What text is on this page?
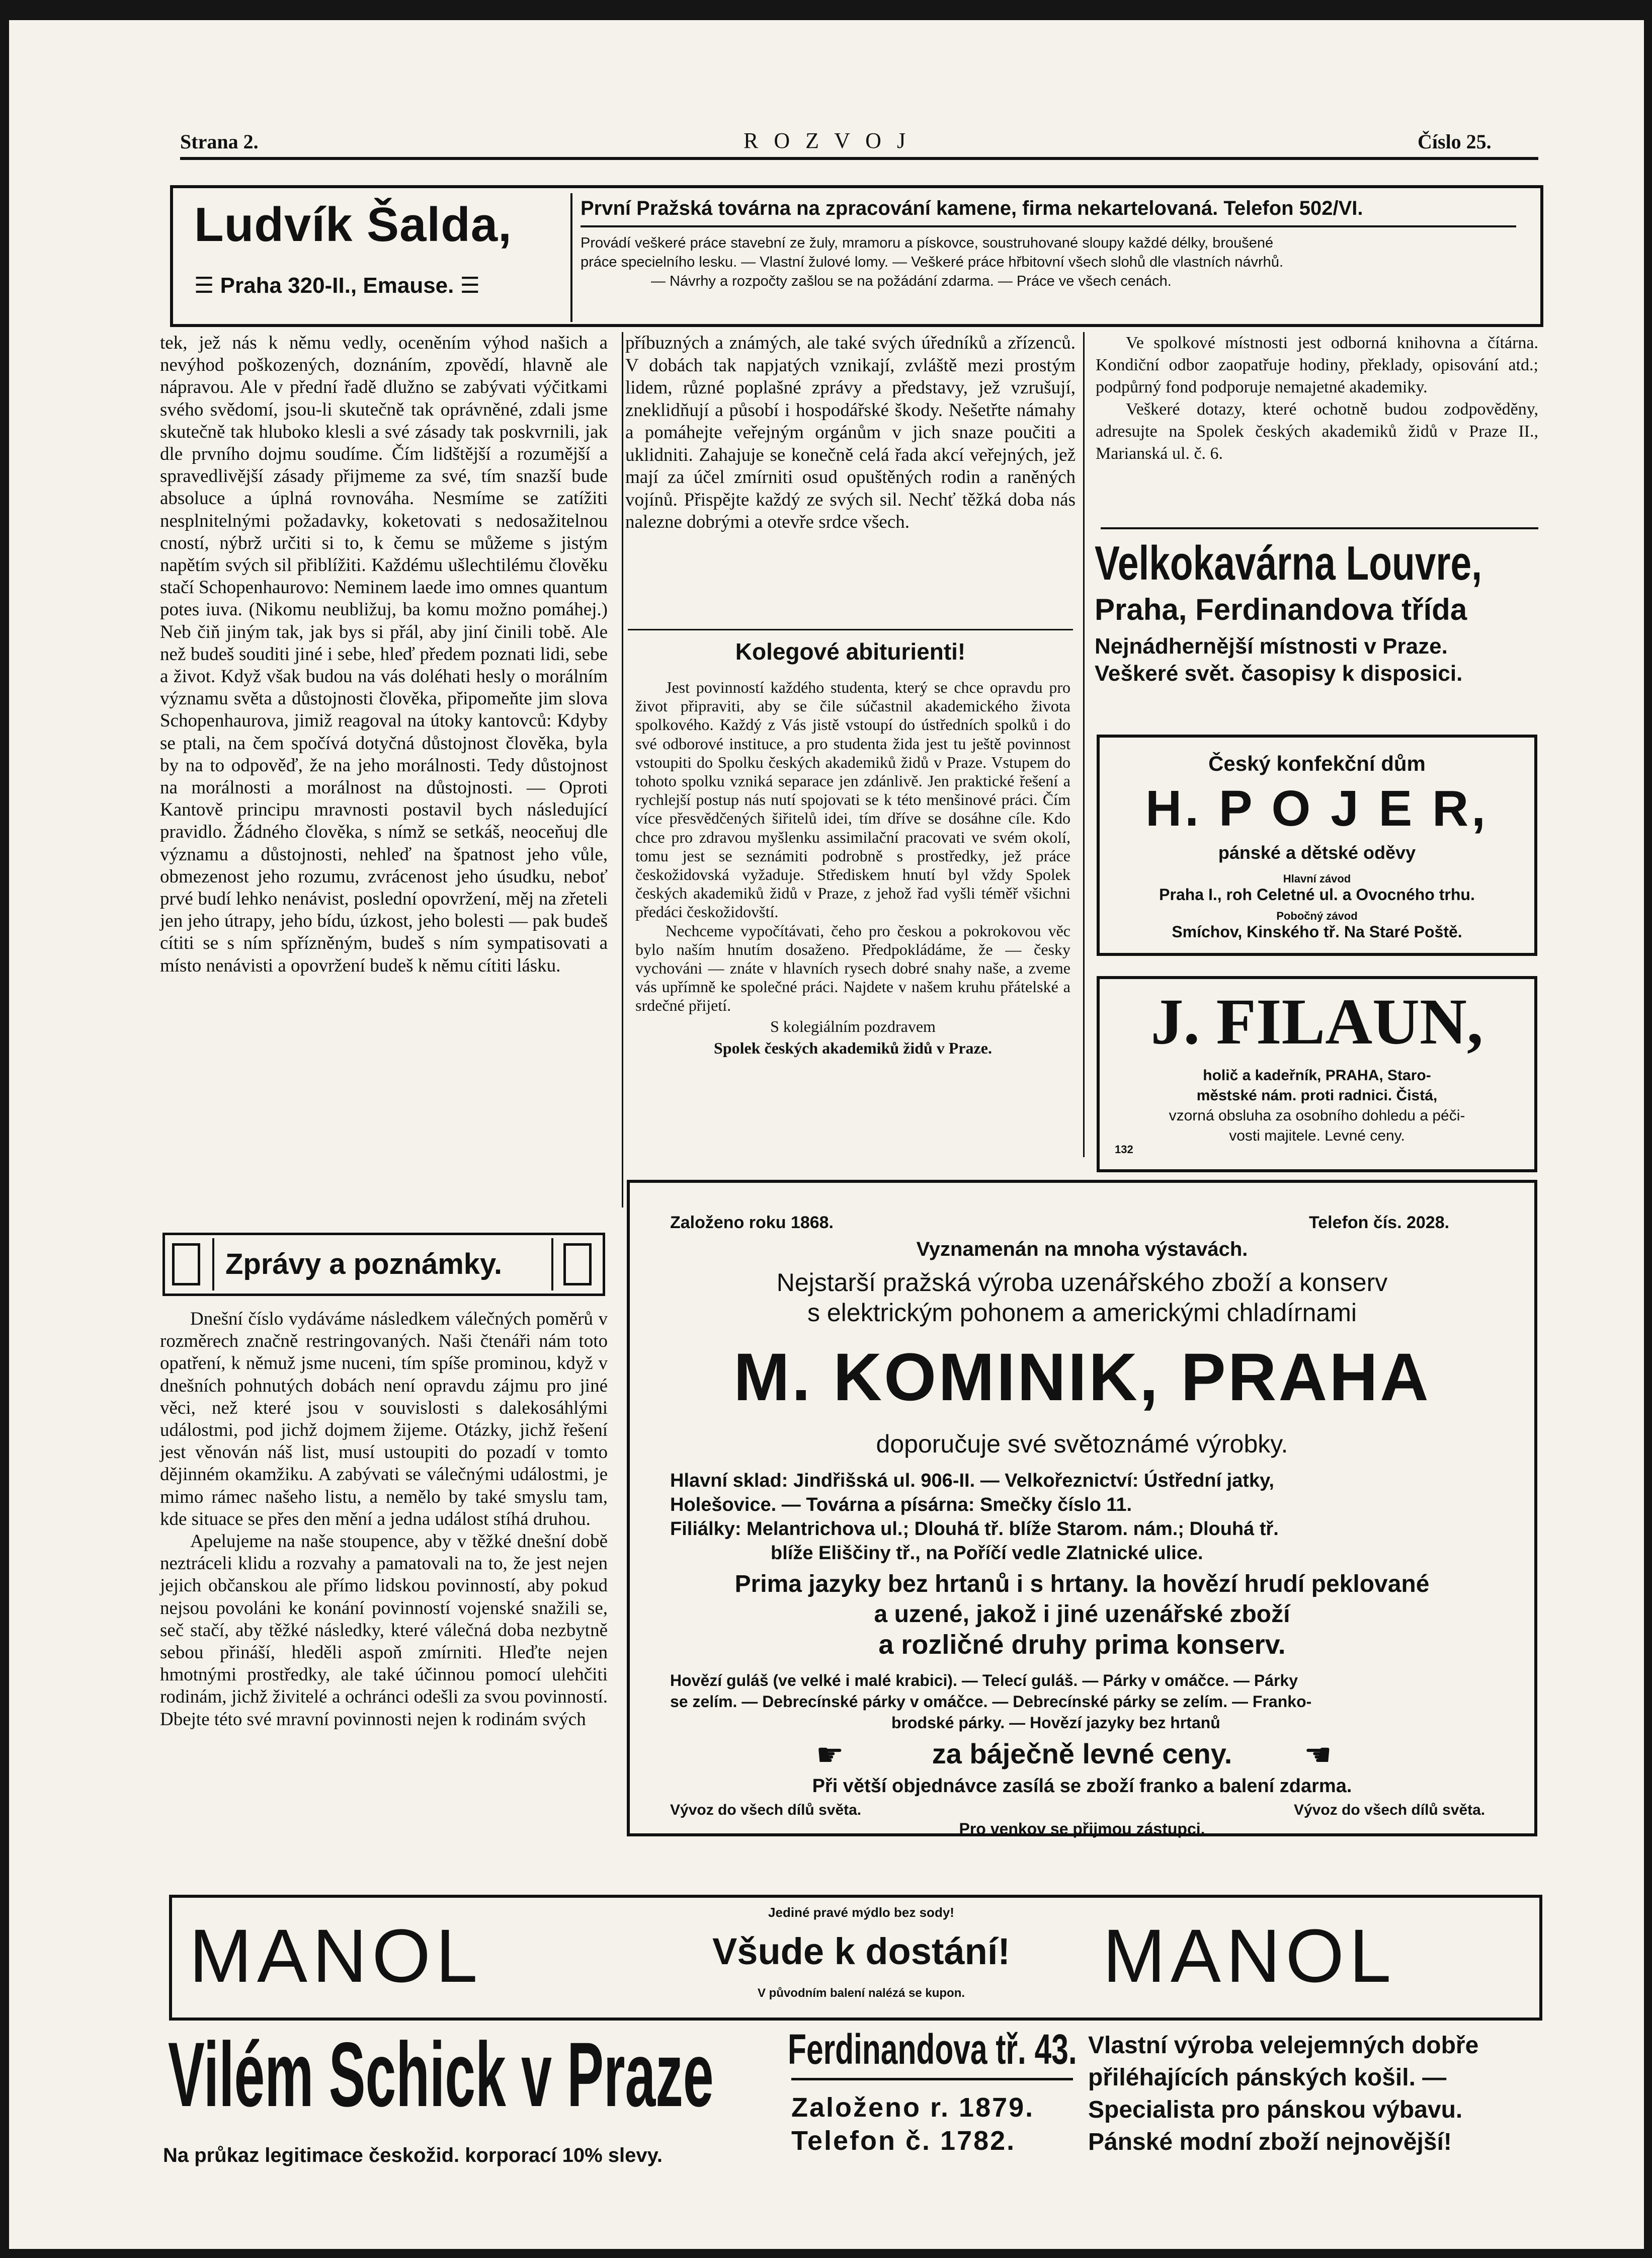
Strana 2.	R O Z V O J	Číslo 25.
Ludvík Šalda,
☰ Praha 320-II., Emause. ☰
První Pražská továrna na zpracování kamene, firma nekartelovaná. Telefon 502/VI.
Provádí veškeré práce stavební ze žuly, mramoru a pískovce, soustruhované sloupy každé délky, broušené
práce specielního lesku. — Vlastní žulové lomy. — Veškeré práce hřbitovní všech slohů dle vlastních návrhů.
— Návrhy a rozpočty zašlou se na požádání zdarma. — Práce ve všech cenách.

tek, jež nás k němu vedly, oceněním výhod našich a nevýhod poškozených, doznáním, zpovědí, hlavně ale nápravou. Ale v přední řadě dlužno se zabývati výčitkami svého svědomí, jsou-li skutečně tak oprávněné, zdali jsme skutečně tak hluboko klesli a své zásady tak poskvrnili, jak dle prvního dojmu soudíme. Čím lidštější a rozumější a spravedlivější zásady přijmeme za své, tím snazší bude absoluce a úplná rovnováha. Nesmíme se zatížiti nesplnitelnými požadavky, koketovati s nedosažitelnou cností, nýbrž určiti si to, k čemu se můžeme s jistým napětím svých sil přiblížiti. Každému ušlechtilému člověku stačí Schopenhaurovo: Neminem laede imo omnes quantum potes iuva. (Nikomu neubližuj, ba komu možno pomáhej.) Neb čiň jiným tak, jak bys si přál, aby jiní činili tobě. Ale než budeš souditi jiné i sebe, hleď předem poznati lidi, sebe a život. Když však budou na vás doléhati hesly o morálním významu světa a důstojnosti člověka, připomeňte jim slova Schopenhaurova, jimiž reagoval na útoky kantovců: Kdyby se ptali, na čem spočívá dotyčná důstojnost člověka, byla by na to odpověď, že na jeho morálnosti. Tedy důstojnost na morálnosti a morálnost na důstojnosti. — Oproti Kantově principu mravnosti postavil bych následující pravidlo. Žádného člověka, s nímž se setkáš, neoceňuj dle významu a důstojnosti, nehleď na špatnost jeho vůle, obmezenost jeho rozumu, zvrácenost jeho úsudku, neboť prvé budí lehko nenávist, poslední opovržení, měj na zřeteli jen jeho útrapy, jeho bídu, úzkost, jeho bolesti — pak budeš cítiti se s ním spřízněným, budeš s ním sympatisovati a místo nenávisti a opovržení budeš k němu cítiti lásku.

Zprávy a poznámky.

Dnešní číslo vydáváme následkem válečných poměrů v rozměrech značně restringovaných. Naši čtenáři nám toto opatření, k němuž jsme nuceni, tím spíše prominou, když v dnešních pohnutých dobách není opravdu zájmu pro jiné věci, než které jsou v souvislosti s dalekosáhlými událostmi, pod jichž dojmem žijeme. Otázky, jichž řešení jest věnován náš list, musí ustoupiti do pozadí v tomto dějinném okamžiku. A zabývati se válečnými událostmi, je mimo rámec našeho listu, a nemělo by také smyslu tam, kde situace se přes den mění a jedna událost stíhá druhou.

Apelujeme na naše stoupence, aby v těžké dnešní době neztráceli klidu a rozvahy a pamatovali na to, že jest nejen jejich občanskou ale přímo lidskou povinností, aby pokud nejsou povoláni ke konání povinností vojenské snažili se, seč stačí, aby těžké následky, které válečná doba nezbytně sebou přináší, hleděli aspoň zmírniti. Hleďte nejen hmotnými prostředky, ale také účinnou pomocí ulehčiti rodinám, jichž živitelé a ochránci odešli za svou povinností. Dbejte této své mravní povinnosti nejen k rodinám svých

příbuzných a známých, ale také svých úředníků a zřízenců. V dobách tak napjatých vznikají, zvláště mezi prostým lidem, různé poplašné zprávy a představy, jež vzrušují, zneklidňují a působí i hospodářské škody. Nešetřte námahy a pomáhejte veřejným orgánům v jich snaze poučiti a uklidniti. Zahajuje se konečně celá řada akcí veřejných, jež mají za účel zmírniti osud opuštěných rodin a raněných vojínů. Přispějte každý ze svých sil. Nechť těžká doba nás nalezne dobrými a otevře srdce všech.

Kolegové abiturienti!

Jest povinností každého studenta, který se chce opravdu pro život připraviti, aby se čile súčastnil akademického života spolkového. Každý z Vás jistě vstoupí do ústředních spolků i do své odborové instituce, a pro studenta žida jest tu ještě povinnost vstoupiti do Spolku českých akademiků židů v Praze. Vstupem do tohoto spolku vzniká separace jen zdánlivě. Jen praktické řešení a rychlejší postup nás nutí spojovati se k této menšinové práci. Čím více přesvědčených šiřitelů idei, tím dříve se dosáhne cíle. Kdo chce pro zdravou myšlenku assimilační pracovati ve svém okolí, tomu jest se seznámiti podrobně s prostředky, jež práce českožidovská vyžaduje. Střediskem hnutí byl vždy Spolek českých akademiků židů v Praze, z jehož řad vyšli téměř všichni předáci českožidovští.

Nechceme vypočítávati, čeho pro českou a pokrokovou věc bylo naším hnutím dosaženo. Předpokládáme, že — česky vychováni — znáte v hlavních rysech dobré snahy naše, a zveme vás upřímně ke společné práci. Najdete v našem kruhu přátelské a srdečné přijetí.

S kolegiálním pozdravem

Spolek českých akademiků židů v Praze.

Ve spolkové místnosti jest odborná knihovna a čítárna. Kondiční odbor zaopatřuje hodiny, překlady, opisování atd.; podpůrný fond podporuje nemajetné akademiky.

Veškeré dotazy, které ochotně budou zodpověděny, adresujte na Spolek českých akademiků židů v Praze II., Marianská ul. č. 6.

Velkokavárna Louvre,
Praha, Ferdinandova třída
Nejnádhernější místnosti v Praze.
Veškeré svět. časopisy k disposici.
Český konfekční dům
H. P O J E R,
pánské a dětské oděvy
Hlavní závod
Praha I., roh Celetné ul. a Ovocného trhu.
Pobočný závod
Smíchov, Kinského tř. Na Staré Poště.
J. FILAUN,
holič a kadeřník, PRAHA, Staro-
městské nám. proti radnici. Čistá,
vzorná obsluha za osobního dohledu a péči-
vosti majitele. Levné ceny.
132
Založeno roku 1868.	Telefon čís. 2028.
Vyznamenán na mnoha výstavách.
Nejstarší pražská výroba uzenářského zboží a konserv
s elektrickým pohonem a americkými chladírnami
M. KOMINIK, PRAHA
doporučuje své světoznámé výrobky.
Hlavní sklad: Jindřišská ul. 906-II. — Velkořeznictví: Ústřední jatky,
Holešovice. — Továrna a písárna: Smečky číslo 11.
Filiálky: Melantrichova ul.; Dlouhá tř. blíže Starom. nám.; Dlouhá tř.
blíže Eliščiny tř., na Poříčí vedle Zlatnické ulice.
Prima jazyky bez hrtanů i s hrtany. Ia hovězí hrudí peklované
a uzené, jakož i jiné uzenářské zboží
a rozličné druhy prima konserv.
Hovězí guláš (ve velké i malé krabici). — Telecí guláš. — Párky v omáčce. — Párky
se zelím. — Debrecínské párky v omáčce. — Debrecínské párky se zelím. — Franko-
brodské párky. — Hovězí jazyky bez hrtanů
☛	za báječně levné ceny.	☛
Při větší objednávce zasílá se zboží franko a balení zdarma.
Vývoz do všech dílů světa.	Vývoz do všech dílů světa.
Pro venkov se přijmou zástupci.
MANOL
Jediné pravé mýdlo bez sody!
Všude k dostání!
V původním balení nalézá se kupon.	MANOL
Vilém Schick v Praze
Na průkaz legitimace českožid. korporací 10% slevy.
Ferdinandova tř. 43.
Založeno r. 1879.
Telefon č. 1782.
Vlastní výroba velejemných dobře
přiléhajících pánských košil. —
Specialista pro pánskou výbavu.
Pánské modní zboží nejnovější!
